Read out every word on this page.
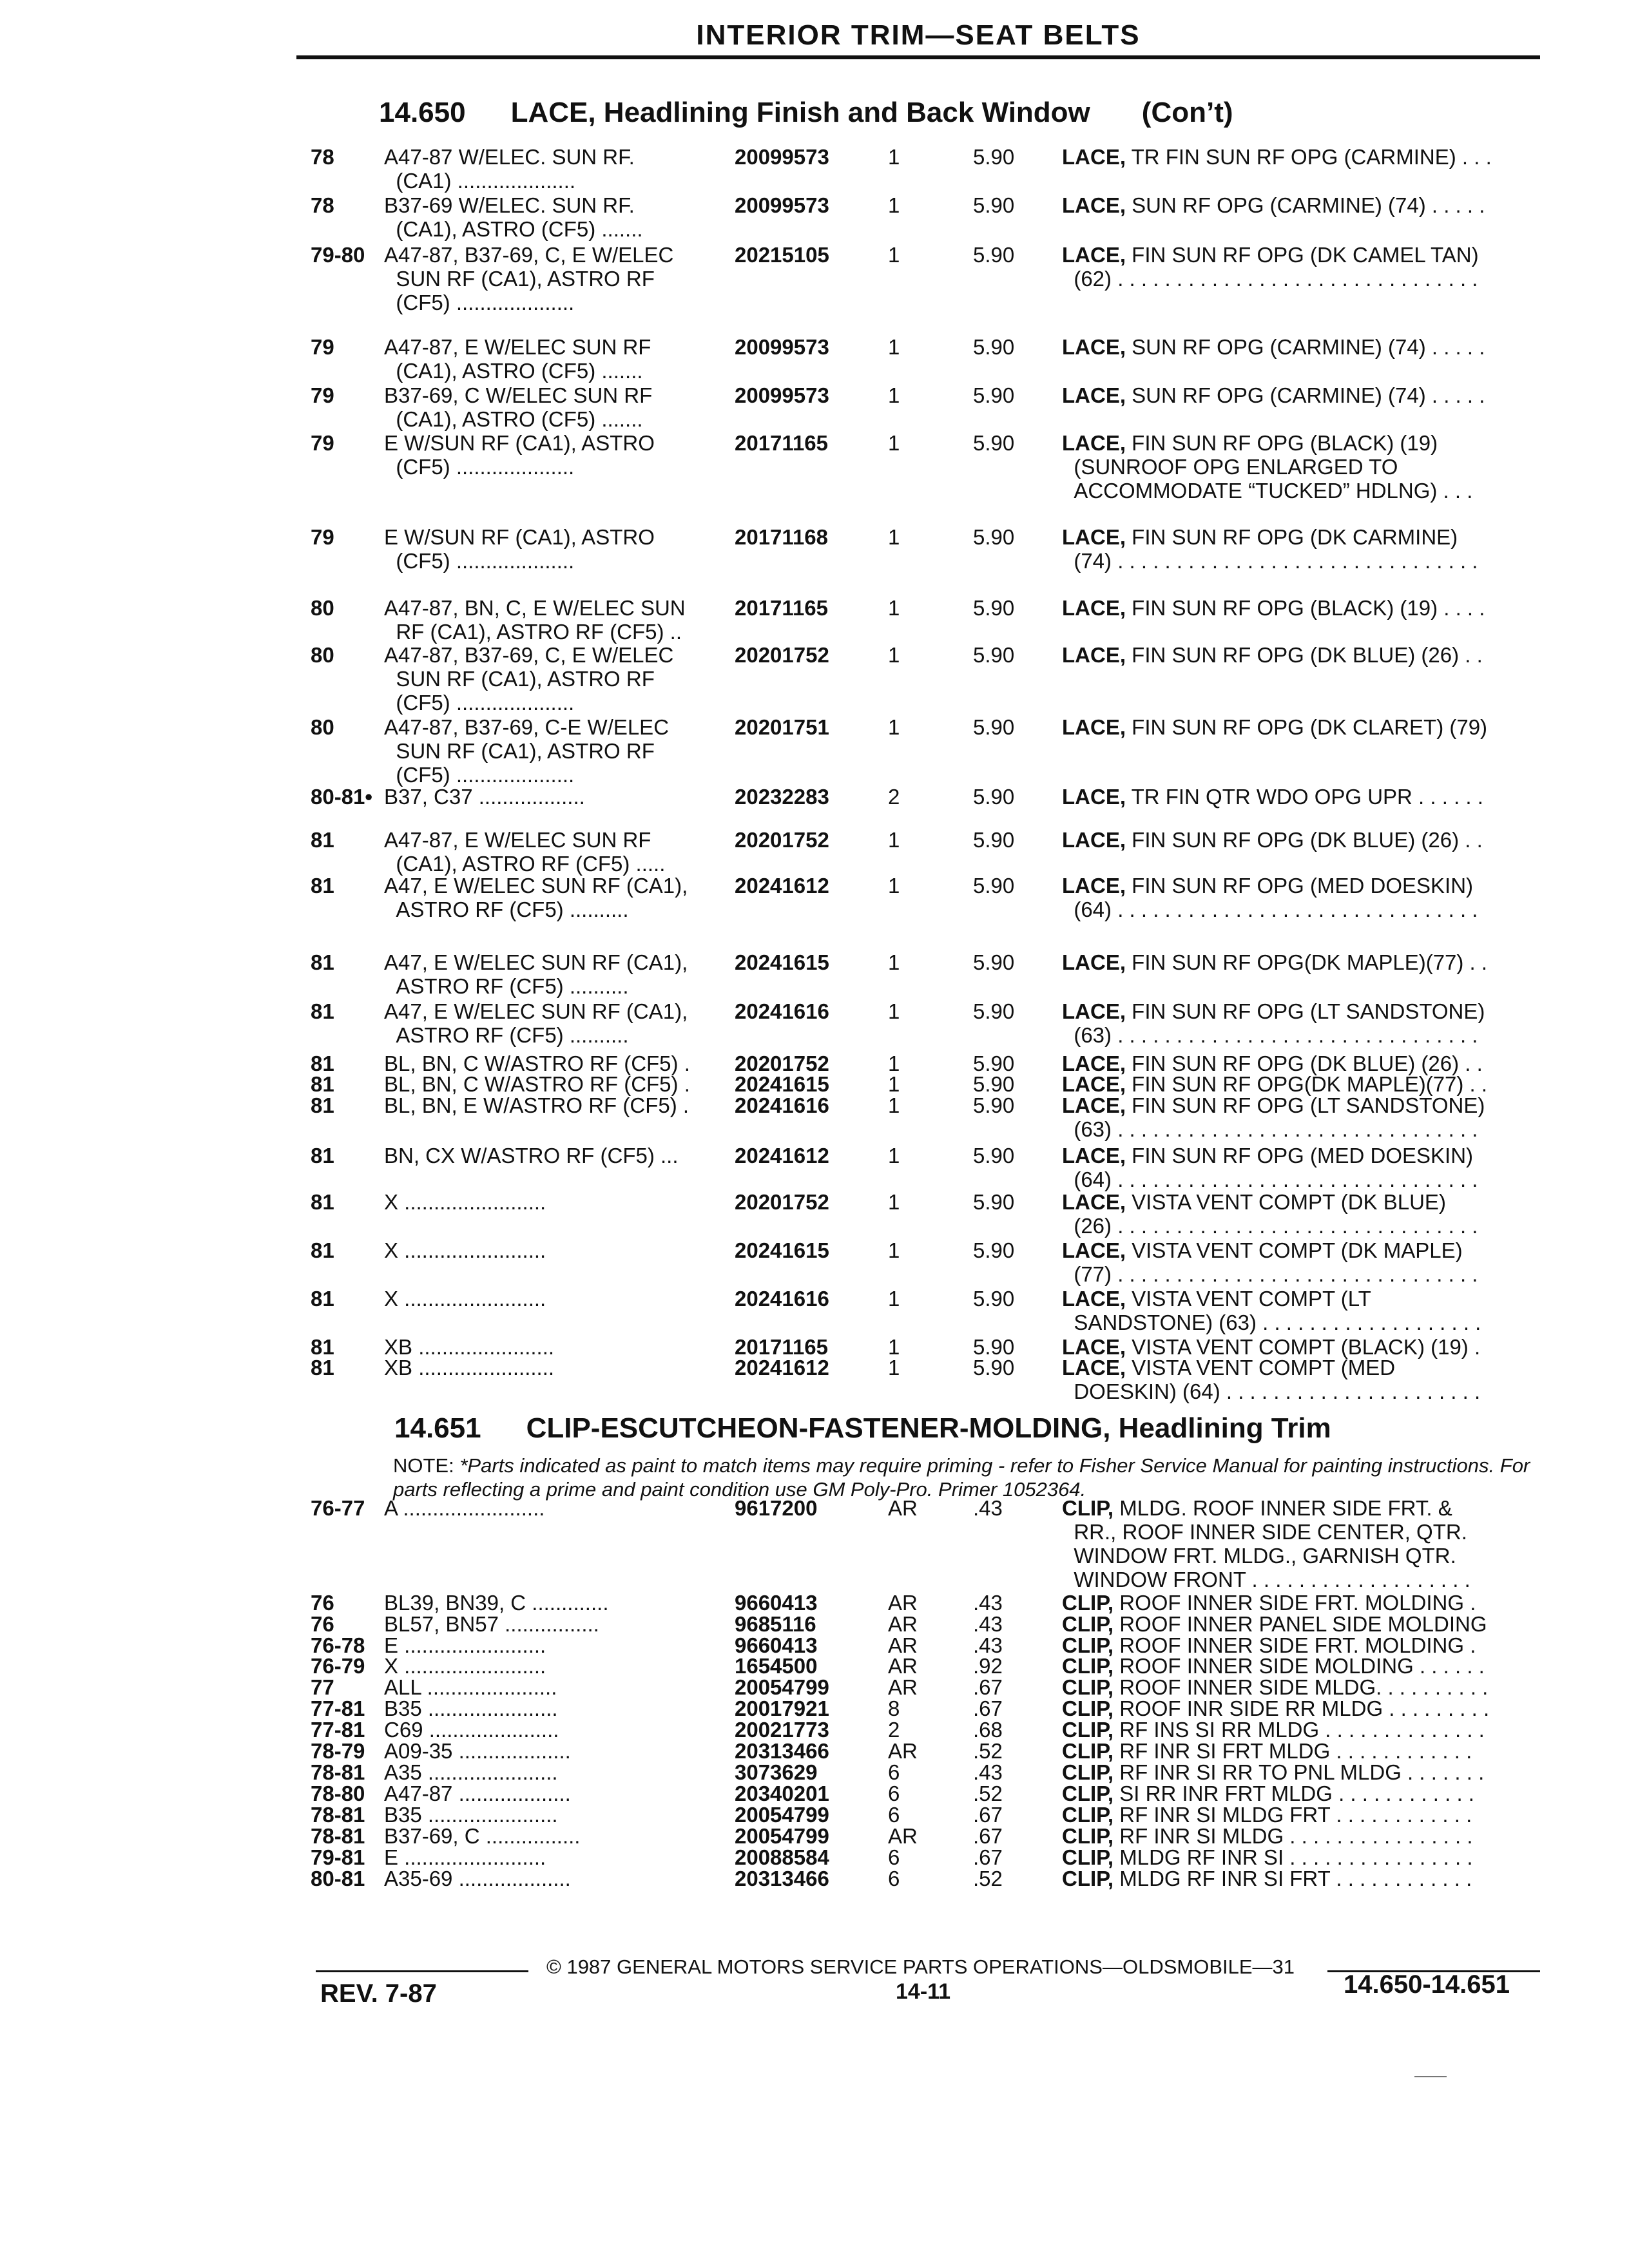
INTERIOR TRIM—SEAT BELTS
14.650 LACE, Headlining Finish and Back Window (Con’t)
78 A47-87 W/ELEC. SUN RF.
(CA1) ....................
20099573	1	5.90	LACE, TR FIN SUN RF OPG (CARMINE) . . .
78 B37-69 W/ELEC. SUN RF.
(CA1), ASTRO (CF5) .......
20099573	1	5.90	LACE, SUN RF OPG (CARMINE) (74) . . . . .
79-80 A47-87, B37-69, C, E W/ELEC
SUN RF (CA1), ASTRO RF
(CF5) ....................
20215105	1	5.90	LACE, FIN SUN RF OPG (DK CAMEL TAN)
(62) . . . . . . . . . . . . . . . . . . . . . . . . . . . . . . .
79 A47-87, E W/ELEC SUN RF
(CA1), ASTRO (CF5) .......
20099573	1	5.90	LACE, SUN RF OPG (CARMINE) (74) . . . . .
79 B37-69, C W/ELEC SUN RF
(CA1), ASTRO (CF5) .......
20099573	1	5.90	LACE, SUN RF OPG (CARMINE) (74) . . . . .
79 E W/SUN RF (CA1), ASTRO
(CF5) ....................
20171165	1	5.90	LACE, FIN SUN RF OPG (BLACK) (19)
(SUNROOF OPG ENLARGED TO
ACCOMMODATE “TUCKED” HDLNG) . . .
79 E W/SUN RF (CA1), ASTRO
(CF5) ....................
20171168	1	5.90	LACE, FIN SUN RF OPG (DK CARMINE)
(74) . . . . . . . . . . . . . . . . . . . . . . . . . . . . . . .
80 A47-87, BN, C, E W/ELEC SUN
RF (CA1), ASTRO RF (CF5) ..
20171165	1	5.90	LACE, FIN SUN RF OPG (BLACK) (19) . . . .
80 A47-87, B37-69, C, E W/ELEC
SUN RF (CA1), ASTRO RF
(CF5) ....................
20201752	1	5.90	LACE, FIN SUN RF OPG (DK BLUE) (26) . .
80 A47-87, B37-69, C-E W/ELEC
SUN RF (CA1), ASTRO RF
(CF5) ....................
20201751	1	5.90	LACE, FIN SUN RF OPG (DK CLARET) (79)
80-81• B37, C37 ..................	20232283	2	5.90	LACE, TR FIN QTR WDO OPG UPR . . . . . .
81 A47-87, E W/ELEC SUN RF
(CA1), ASTRO RF (CF5) .....
20201752	1	5.90	LACE, FIN SUN RF OPG (DK BLUE) (26) . .
81 A47, E W/ELEC SUN RF (CA1),
ASTRO RF (CF5) ..........
20241612	1	5.90	LACE, FIN SUN RF OPG (MED DOESKIN)
(64) . . . . . . . . . . . . . . . . . . . . . . . . . . . . . . .
81 A47, E W/ELEC SUN RF (CA1),
ASTRO RF (CF5) ..........
20241615	1	5.90	LACE, FIN SUN RF OPG(DK MAPLE)(77) . .
81 A47, E W/ELEC SUN RF (CA1),
ASTRO RF (CF5) ..........
20241616	1	5.90	LACE, FIN SUN RF OPG (LT SANDSTONE)
(63) . . . . . . . . . . . . . . . . . . . . . . . . . . . . . . .
81 BL, BN, C W/ASTRO RF (CF5) .	20201752	1	5.90	LACE, FIN SUN RF OPG (DK BLUE) (26) . .
81 BL, BN, C W/ASTRO RF (CF5) .	20241615	1	5.90	LACE, FIN SUN RF OPG(DK MAPLE)(77) . .
81 BL, BN, E W/ASTRO RF (CF5) .	20241616	1	5.90	LACE, FIN SUN RF OPG (LT SANDSTONE)
(63) . . . . . . . . . . . . . . . . . . . . . . . . . . . . . . .
81 BN, CX W/ASTRO RF (CF5) ...	20241612	1	5.90	LACE, FIN SUN RF OPG (MED DOESKIN)
(64) . . . . . . . . . . . . . . . . . . . . . . . . . . . . . . .
81 X ........................	20201752	1	5.90	LACE, VISTA VENT COMPT (DK BLUE)
(26) . . . . . . . . . . . . . . . . . . . . . . . . . . . . . . .
81 X ........................	20241615	1	5.90	LACE, VISTA VENT COMPT (DK MAPLE)
(77) . . . . . . . . . . . . . . . . . . . . . . . . . . . . . . .
81 X ........................	20241616	1	5.90	LACE, VISTA VENT COMPT (LT
SANDSTONE) (63) . . . . . . . . . . . . . . . . . . .
81 XB .......................	20171165	1	5.90	LACE, VISTA VENT COMPT (BLACK) (19) .
81 XB .......................	20241612	1	5.90	LACE, VISTA VENT COMPT (MED
DOESKIN) (64) . . . . . . . . . . . . . . . . . . . . . .
14.651 CLIP-ESCUTCHEON-FASTENER-MOLDING, Headlining Trim
NOTE: *Parts indicated as paint to match items may require priming - refer to Fisher Service Manual for painting instructions. For parts reflecting a prime and paint condition use GM Poly-Pro. Primer 1052364.
76-77 A ........................	9617200	AR	.43	CLIP, MLDG. ROOF INNER SIDE FRT. &
RR., ROOF INNER SIDE CENTER, QTR.
WINDOW FRT. MLDG., GARNISH QTR.
WINDOW FRONT . . . . . . . . . . . . . . . . . . .
76 BL39, BN39, C .............	9660413	AR	.43	CLIP, ROOF INNER SIDE FRT. MOLDING .
76 BL57, BN57 ................	9685116	AR	.43	CLIP, ROOF INNER PANEL SIDE MOLDING
76-78 E ........................	9660413	AR	.43	CLIP, ROOF INNER SIDE FRT. MOLDING .
76-79 X ........................	1654500	AR	.92	CLIP, ROOF INNER SIDE MOLDING . . . . . .
77 ALL ......................	20054799	AR	.67	CLIP, ROOF INNER SIDE MLDG. . . . . . . . . .
77-81 B35 ......................	20017921	8	.67	CLIP, ROOF INR SIDE RR MLDG . . . . . . . . .
77-81 C69 ......................	20021773	2	.68	CLIP, RF INS SI RR MLDG . . . . . . . . . . . . . .
78-79 A09-35 ...................	20313466	AR	.52	CLIP, RF INR SI FRT MLDG . . . . . . . . . . . .
78-81 A35 ......................	3073629	6	.43	CLIP, RF INR SI RR TO PNL MLDG . . . . . . .
78-80 A47-87 ...................	20340201	6	.52	CLIP, SI RR INR FRT MLDG . . . . . . . . . . . .
78-81 B35 ......................	20054799	6	.67	CLIP, RF INR SI MLDG FRT . . . . . . . . . . . .
78-81 B37-69, C ................	20054799	AR	.67	CLIP, RF INR SI MLDG . . . . . . . . . . . . . . . .
79-81 E ........................	20088584	6	.67	CLIP, MLDG RF INR SI . . . . . . . . . . . . . . . .
80-81 A35-69 ...................	20313466	6	.52	CLIP, MLDG RF INR SI FRT . . . . . . . . . . . .
© 1987 GENERAL MOTORS SERVICE PARTS OPERATIONS—OLDSMOBILE—31
REV. 7-87	14-11	14.650-14.651
